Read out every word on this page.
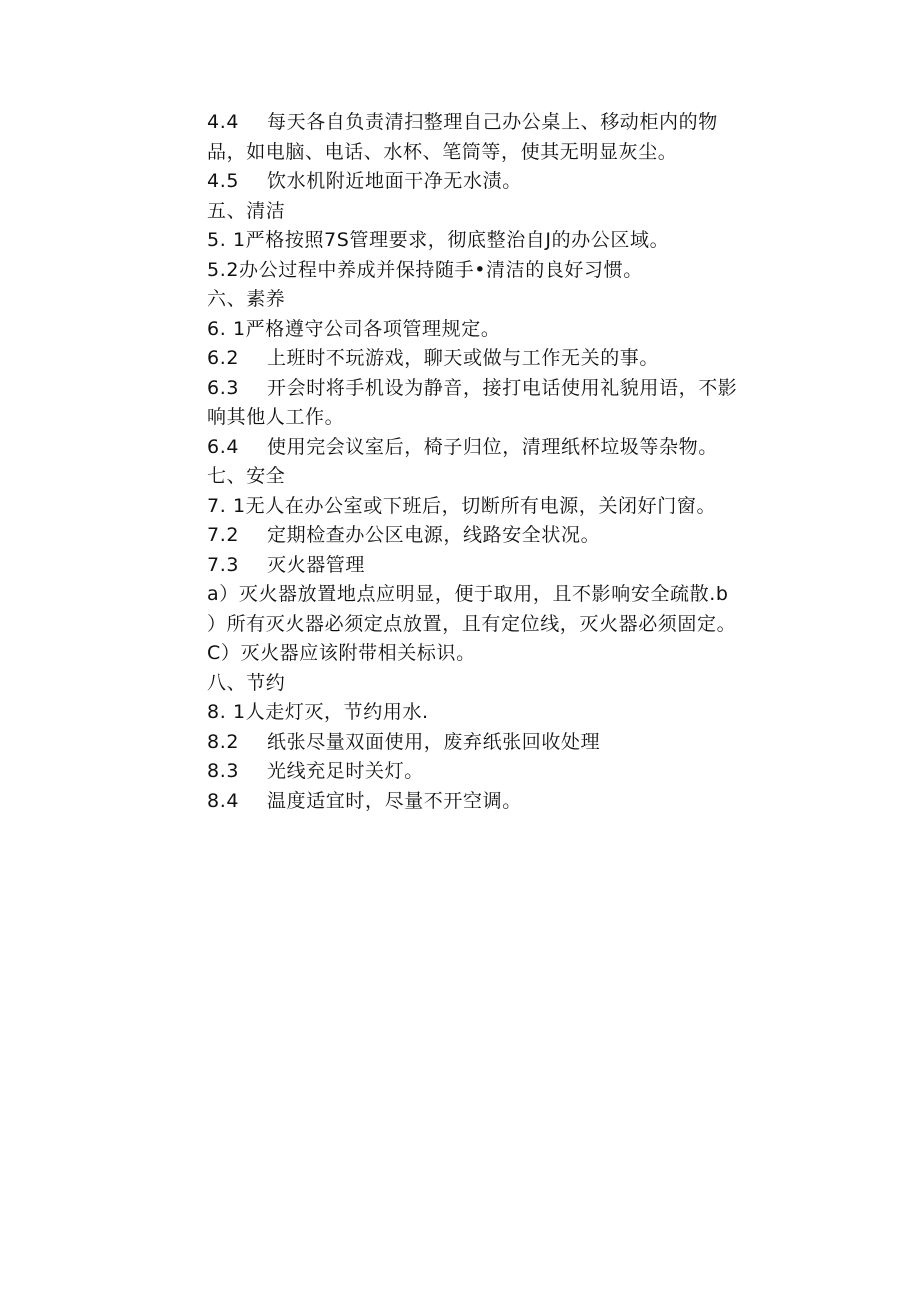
4.4 每天各自负责清扫整理自己办公桌上、移动柜内的物
品，如电脑、电话、水杯、笔筒等，使其无明显灰尘。
4.5 饮水机附近地面干净无水渍。
五、清洁
5. 1严格按照7S管理要求，彻底整治自J的办公区域。
5.2办公过程中养成并保持随手•清洁的良好习惯。
六、素养
6. 1严格遵守公司各项管理规定。
6.2 上班时不玩游戏，聊天或做与工作无关的事。
6.3 开会时将手机设为静音，接打电话使用礼貌用语，不影
响其他人工作。
6.4 使用完会议室后，椅子归位，清理纸杯垃圾等杂物。
七、安全
7. 1无人在办公室或下班后，切断所有电源，关闭好门窗。
7.2 定期检查办公区电源，线路安全状况。
7.3 灭火器管理
a）灭火器放置地点应明显，便于取用，且不影响安全疏散.b
）所有灭火器必须定点放置，且有定位线，灭火器必须固定。
C）灭火器应该附带相关标识。
八、节约
8. 1人走灯灭，节约用水.
8.2 纸张尽量双面使用，废弃纸张回收处理
8.3 光线充足时关灯。
8.4 温度适宜时，尽量不开空调。
